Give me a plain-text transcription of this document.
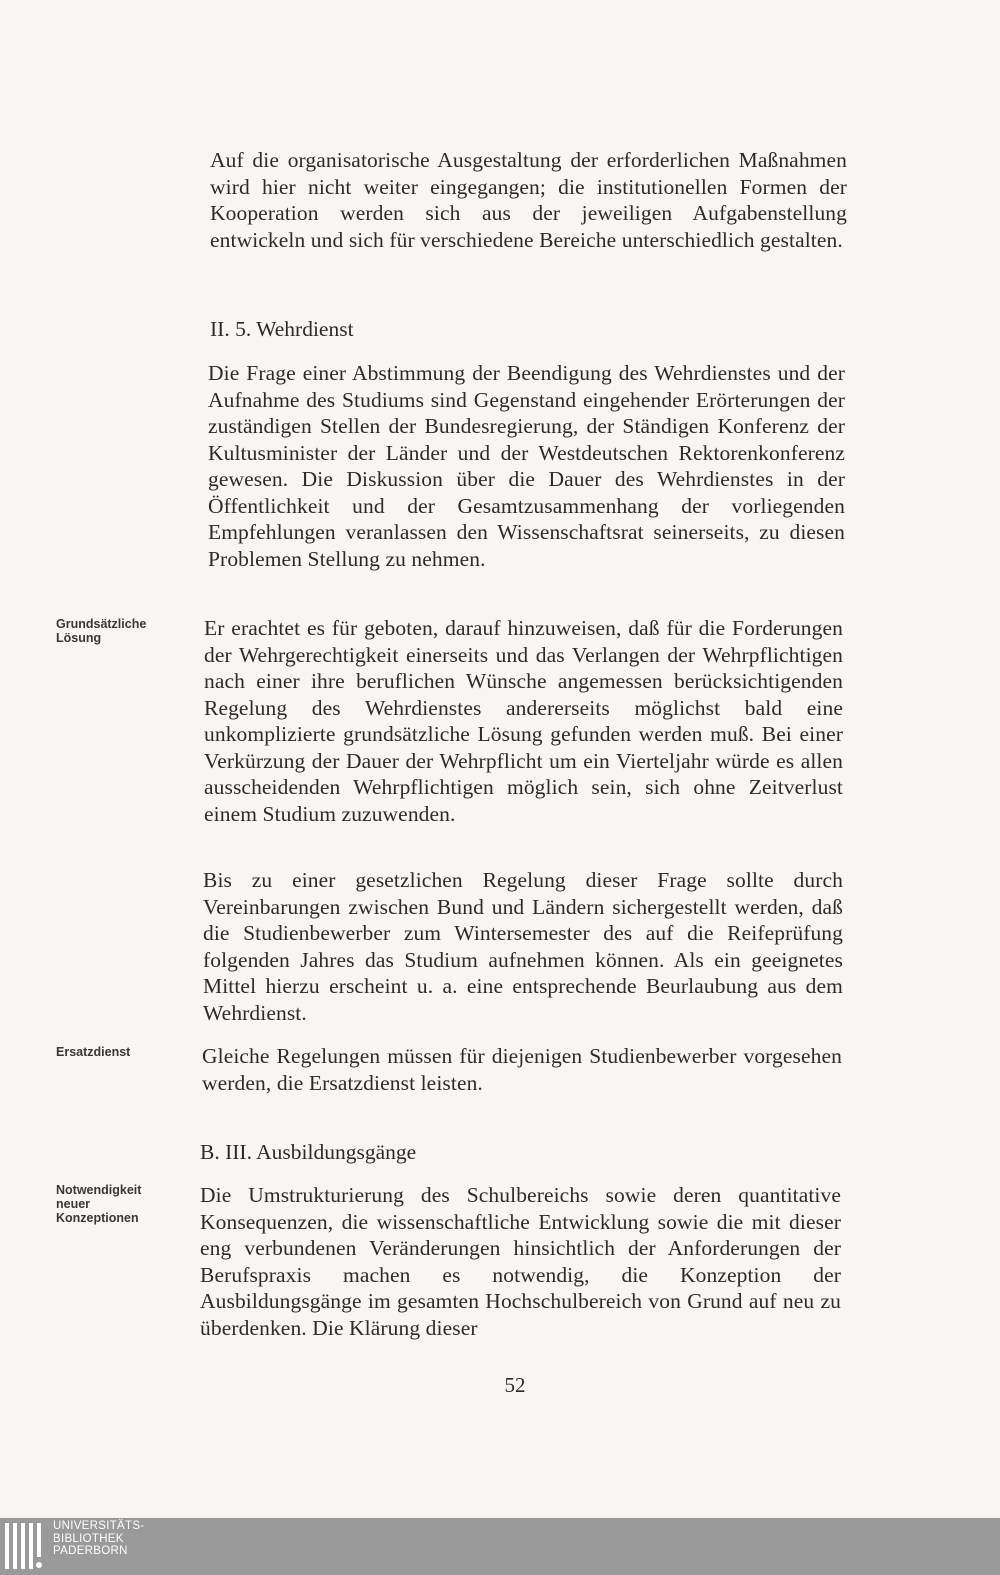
Auf die organisatorische Ausgestaltung der erforderlichen Maßnahmen wird hier nicht weiter eingegangen; die institutionellen Formen der Kooperation werden sich aus der jeweiligen Aufgabenstellung entwickeln und sich für verschiedene Bereiche unterschiedlich gestalten.

II. 5. Wehrdienst

Die Frage einer Abstimmung der Beendigung des Wehrdienstes und der Aufnahme des Studiums sind Gegenstand eingehender Erörterungen der zuständigen Stellen der Bundesregierung, der Ständigen Konferenz der Kultusminister der Länder und der Westdeutschen Rektorenkonferenz gewesen. Die Diskussion über die Dauer des Wehrdienstes in der Öffentlichkeit und der Gesamtzusammenhang der vorliegenden Empfehlungen veranlassen den Wissenschaftsrat seinerseits, zu diesen Problemen Stellung zu nehmen.

Grundsätzliche Lösung	Er erachtet es für geboten, darauf hinzuweisen, daß für die Forderungen der Wehrgerechtigkeit einerseits und das Verlangen der Wehrpflichtigen nach einer ihre beruflichen Wünsche angemessen berücksichtigenden Regelung des Wehrdienstes andererseits möglichst bald eine unkomplizierte grundsätzliche Lösung gefunden werden muß. Bei einer Verkürzung der Dauer der Wehrpflicht um ein Vierteljahr würde es allen ausscheidenden Wehrpflichtigen möglich sein, sich ohne Zeitverlust einem Studium zuzuwenden.

Bis zu einer gesetzlichen Regelung dieser Frage sollte durch Vereinbarungen zwischen Bund und Ländern sichergestellt werden, daß die Studienbewerber zum Wintersemester des auf die Reifeprüfung folgenden Jahres das Studium aufnehmen können. Als ein geeignetes Mittel hierzu erscheint u. a. eine entsprechende Beurlaubung aus dem Wehrdienst.

Ersatzdienst	Gleiche Regelungen müssen für diejenigen Studienbewerber vorgesehen werden, die Ersatzdienst leisten.

B. III. Ausbildungsgänge

Notwendigkeit neuer Konzeptionen

Die Umstrukturierung des Schulbereichs sowie deren quantitative Konsequenzen, die wissenschaftliche Entwicklung sowie die mit dieser eng verbundenen Veränderungen hinsichtlich der Anforderungen der Berufspraxis machen es notwendig, die Konzeption der Ausbildungsgänge im gesamten Hochschulbereich von Grund auf neu zu überdenken. Die Klärung dieser

52
UNIVERSITÄTS-
BIBLIOTHEK
PADERBORN
